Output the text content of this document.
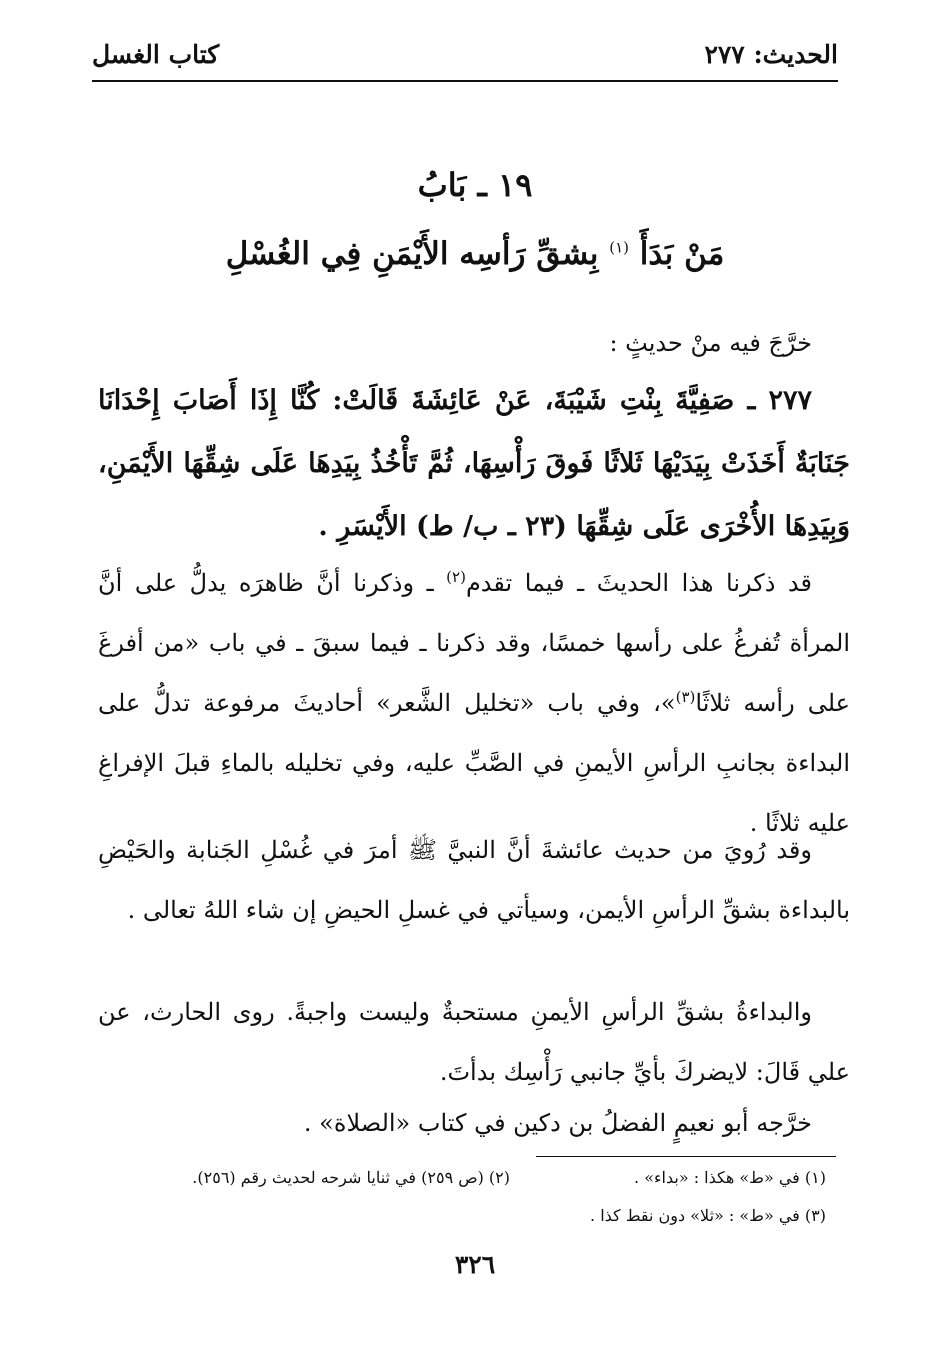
الحديث: ٢٧٧
كتاب الغسل
١٩ ـ بَابُ
مَنْ بَدَأَ $^{(١)}$ بِشقِّ رَأسِه الأَيْمَنِ فِي الغُسْلِ

خرَّجَ فيه منْ حديثٍ :

٢٧٧ ـ صَفِيَّةَ بِنْتِ شَيْبَةَ، عَنْ عَائِشَةَ قَالَتْ: كُنَّا إِذَا أَصَابَ إِحْدَانَا جَنَابَةٌ أَخَذَتْ بِيَدَيْهَا ثَلاثًا فَوقَ رَأْسِهَا، ثُمَّ تَأْخُذُ بِيَدِهَا عَلَى شِقِّهَا الأَيْمَنِ، وَبِيَدِهَا الأُخْرَى عَلَى شِقِّهَا (٢٣ ـ ب/ ط) الأَيْسَرِ .

قد ذكرنا هذا الحديثَ ـ فيما تقدم$^{(٢)}$ ـ وذكرنا أنَّ ظاهرَه يدلُّ على أنَّ المرأة تُفرغُ على رأسها خمسًا، وقد ذكرنا ـ فيما سبقَ ـ في باب «من أفرغَ على رأسه ثلاثًا$^{(٣)}$»، وفي باب «تخليل الشَّعر» أحاديثَ مرفوعة تدلُّ على البداءة بجانبِ الرأسِ الأيمنِ في الصَّبِّ عليه، وفي تخليله بالماءِ قبلَ الإفراغِ عليه ثلاثًا .

وقد رُويَ من حديث عائشةَ أنَّ النبيَّ ﷺ أمرَ في غُسْلِ الجَنابة والحَيْضِ بالبداءة بشقِّ الرأسِ الأيمن، وسيأتي في غسلِ الحيضِ إن شاء اللهُ تعالى .

والبداءةُ بشقِّ الرأسِ الأيمنِ مستحبةٌ وليست واجبةً. روى الحارث، عن علي قَالَ: لايضركَ بأيِّ جانبي رَأْسِك بدأتَ.

خرَّجه أبو نعيمٍ الفضلُ بن دكين في كتاب «الصلاة» .

(١) في «ط» هكذا : «بداء» .
(٢) (ص ٢٥٩) في ثنايا شرحه لحديث رقم (٢٥٦).
(٣) في «ط» : «ثلا» دون نقط كذا .
٣٢٦
